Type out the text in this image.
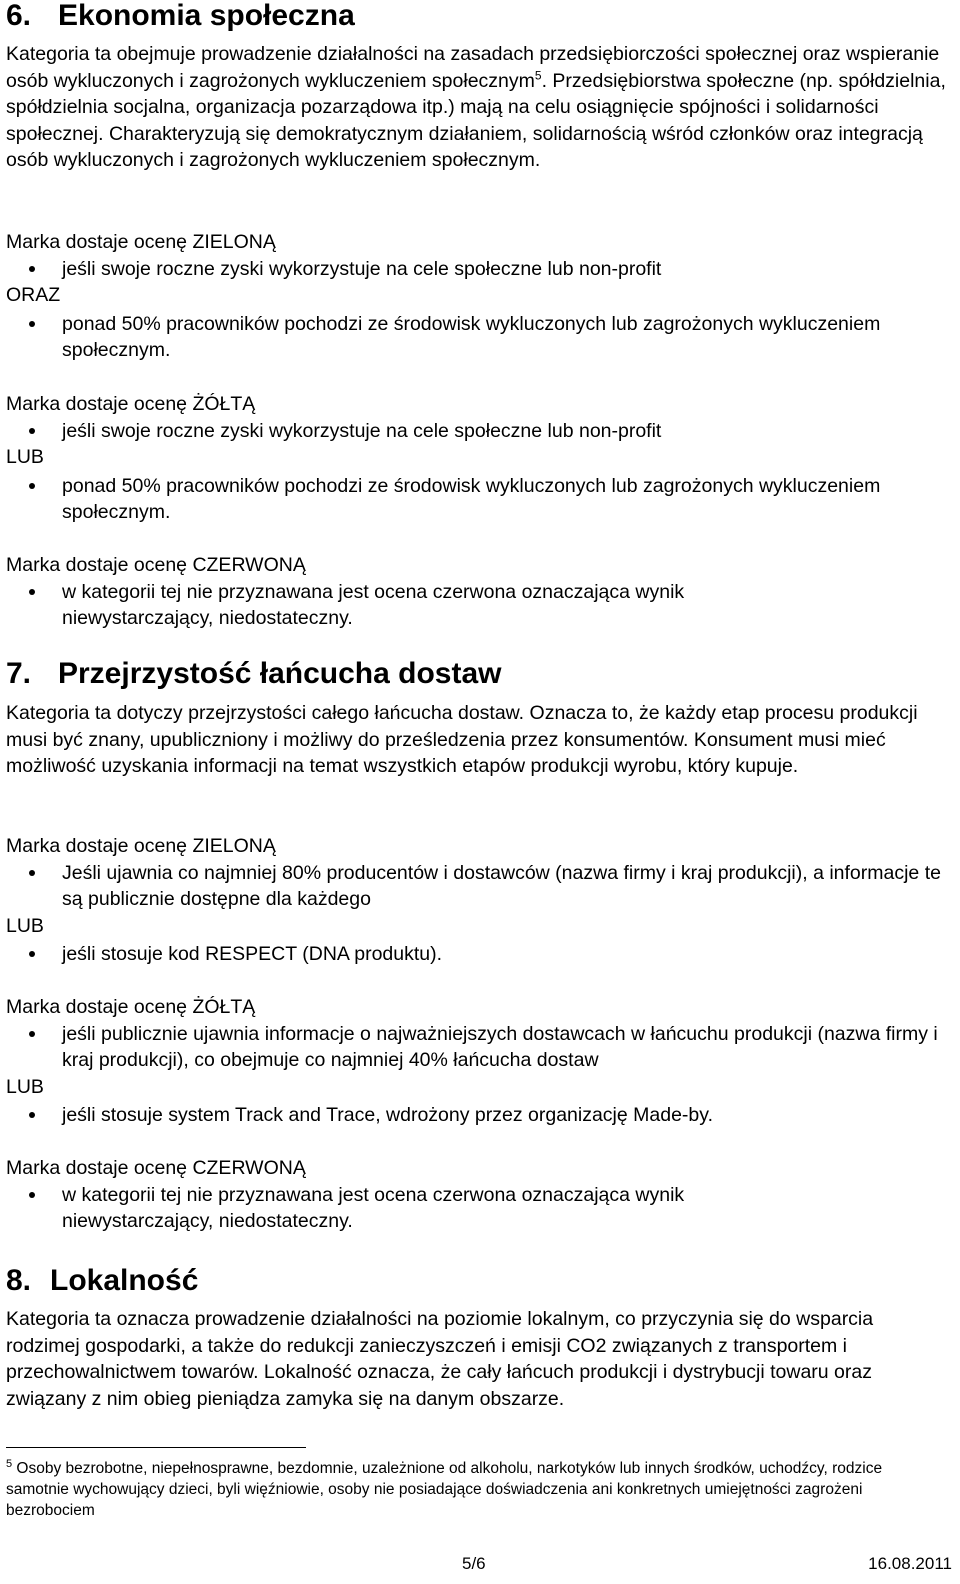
6. Ekonomia społeczna

Kategoria ta obejmuje prowadzenie działalności na zasadach przedsiębiorczości społecznej oraz wspieranie osób wykluczonych i zagrożonych wykluczeniem społecznym$^5$. Przedsiębiorstwa społeczne (np. spółdzielnia, spółdzielnia socjalna, organizacja pozarządowa itp.) mają na celu osiągnięcie spójności i solidarności społecznej. Charakteryzują się demokratycznym działaniem, solidarnością wśród członków oraz integracją osób wykluczonych i zagrożonych wykluczeniem społecznym.

Marka dostaje ocenę ZIELONĄ

jeśli swoje roczne zyski wykorzystuje na cele społeczne lub non-profit
ORAZ
ponad 50% pracowników pochodzi ze środowisk wykluczonych lub zagrożonych wykluczeniem społecznym.

Marka dostaje ocenę ŻÓŁTĄ

jeśli swoje roczne zyski wykorzystuje na cele społeczne lub non-profit
LUB
ponad 50% pracowników pochodzi ze środowisk wykluczonych lub zagrożonych wykluczeniem społecznym.

Marka dostaje ocenę CZERWONĄ

w kategorii tej nie przyznawana jest ocena czerwona oznaczająca wynik niewystarczający, niedostateczny.
7. Przejrzystość łańcucha dostaw

Kategoria ta dotyczy przejrzystości całego łańcucha dostaw. Oznacza to, że każdy etap procesu produkcji musi być znany, upubliczniony i możliwy do prześledzenia przez konsumentów. Konsument musi mieć możliwość uzyskania informacji na temat wszystkich etapów produkcji wyrobu, który kupuje.

Marka dostaje ocenę ZIELONĄ

Jeśli ujawnia co najmniej 80% producentów i dostawców (nazwa firmy i kraj produkcji), a informacje te są publicznie dostępne dla każdego
LUB
jeśli stosuje kod RESPECT (DNA produktu).

Marka dostaje ocenę ŻÓŁTĄ

jeśli publicznie ujawnia informacje o najważniejszych dostawcach w łańcuchu produkcji (nazwa firmy i kraj produkcji), co obejmuje co najmniej 40% łańcucha dostaw
LUB
jeśli stosuje system Track and Trace, wdrożony przez organizację Made-by.

Marka dostaje ocenę CZERWONĄ

w kategorii tej nie przyznawana jest ocena czerwona oznaczająca wynik niewystarczający, niedostateczny.
8. Lokalność

Kategoria ta oznacza prowadzenie działalności na poziomie lokalnym, co przyczynia się do wsparcia rodzimej gospodarki, a także do redukcji zanieczyszczeń i emisji CO2 związanych z transportem i przechowalnictwem towarów. Lokalność oznacza, że cały łańcuch produkcji i dystrybucji towaru oraz związany z nim obieg pieniądza zamyka się na danym obszarze.

$^5$ Osoby bezrobotne, niepełnosprawne, bezdomnie, uzależnione od alkoholu, narkotyków lub innych środków, uchodźcy, rodzice samotnie wychowujący dzieci, byli więźniowie, osoby nie posiadające doświadczenia ani konkretnych umiejętności zagrożeni bezrobociem
5/6	16.08.2011
